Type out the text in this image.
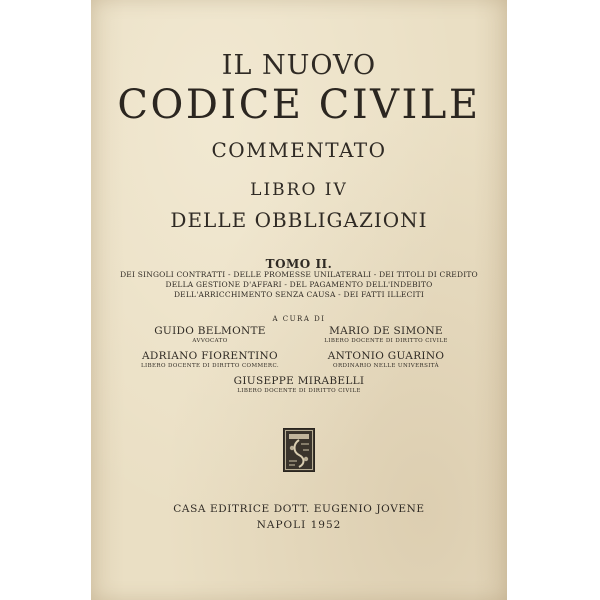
IL NUOVO
CODICE CIVILE
COMMENTATO
LIBRO IV
DELLE OBBLIGAZIONI
TOMO II.
DEI SINGOLI CONTRATTI - DELLE PROMESSE UNILATERALI - DEI TITOLI DI CREDITO
DELLA GESTIONE D'AFFARI - DEL PAGAMENTO DELL'INDEBITO
DELL'ARRICCHIMENTO SENZA CAUSA - DEI FATTI ILLECITI
A CURA DI
GUIDO BELMONTE
AVVOCATO
MARIO DE SIMONE
LIBERO DOCENTE DI DIRITTO CIVILE
ADRIANO FIORENTINO
LIBERO DOCENTE DI DIRITTO COMMERC.
ANTONIO GUARINO
ORDINARIO NELLE UNIVERSITÀ
GIUSEPPE MIRABELLI
LIBERO DOCENTE DI DIRITTO CIVILE
CASA EDITRICE DOTT. EUGENIO JOVENE
NAPOLI 1952
